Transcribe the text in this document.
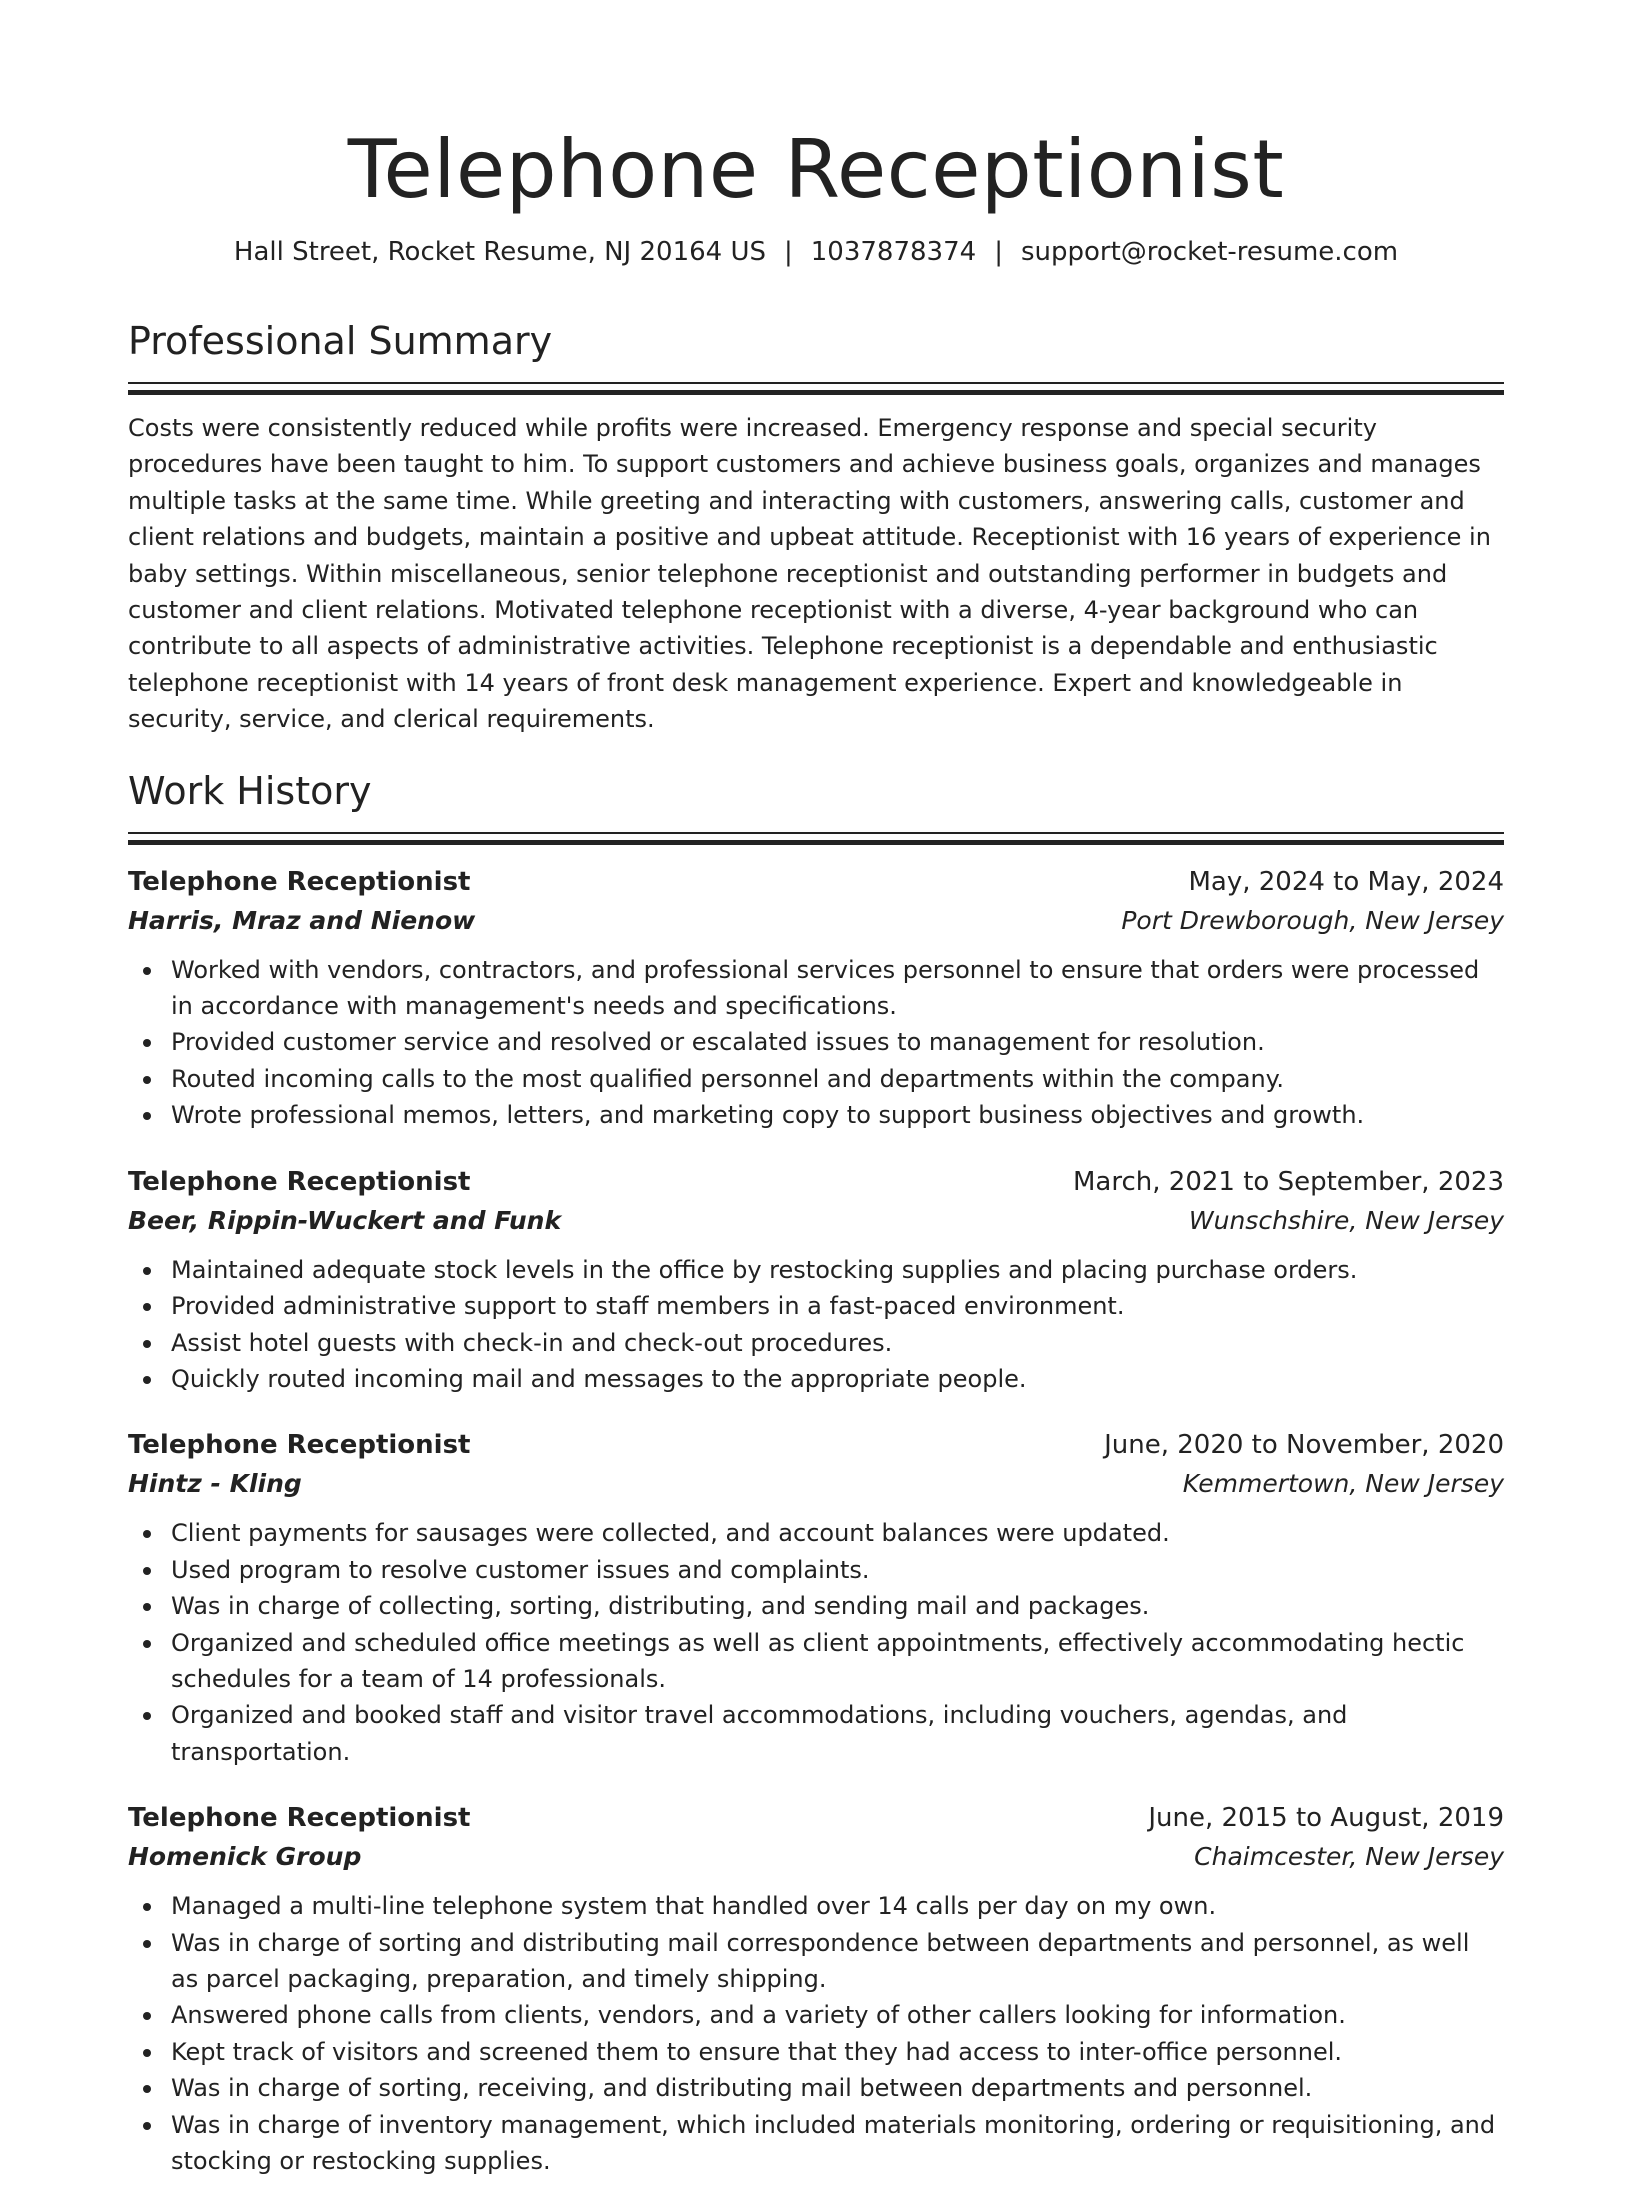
Telephone Receptionist
Hall Street, Rocket Resume, NJ 20164 US | 1037878374 | support@rocket-resume.com
Professional Summary

Costs were consistently reduced while profits were increased. Emergency response and special security procedures have been taught to him. To support customers and achieve business goals, organizes and manages multiple tasks at the same time. While greeting and interacting with customers, answering calls, customer and client relations and budgets, maintain a positive and upbeat attitude. Receptionist with 16 years of experience in baby settings. Within miscellaneous, senior telephone receptionist and outstanding performer in budgets and customer and client relations. Motivated telephone receptionist with a diverse, 4-year background who can contribute to all aspects of administrative activities. Telephone receptionist is a dependable and enthusiastic telephone receptionist with 14 years of front desk management experience. Expert and knowledgeable in security, service, and clerical requirements.

Work History
Telephone Receptionist	May, 2024 to May, 2024
Harris, Mraz and Nienow	Port Drewborough, New Jersey
Worked with vendors, contractors, and professional services personnel to ensure that orders were processed in accordance with management's needs and specifications.
Provided customer service and resolved or escalated issues to management for resolution.
Routed incoming calls to the most qualified personnel and departments within the company.
Wrote professional memos, letters, and marketing copy to support business objectives and growth.
Telephone Receptionist	March, 2021 to September, 2023
Beer, Rippin-Wuckert and Funk	Wunschshire, New Jersey
Maintained adequate stock levels in the office by restocking supplies and placing purchase orders.
Provided administrative support to staff members in a fast-paced environment.
Assist hotel guests with check-in and check-out procedures.
Quickly routed incoming mail and messages to the appropriate people.
Telephone Receptionist	June, 2020 to November, 2020
Hintz - Kling	Kemmertown, New Jersey
Client payments for sausages were collected, and account balances were updated.
Used program to resolve customer issues and complaints.
Was in charge of collecting, sorting, distributing, and sending mail and packages.
Organized and scheduled office meetings as well as client appointments, effectively accommodating hectic schedules for a team of 14 professionals.
Organized and booked staff and visitor travel accommodations, including vouchers, agendas, and transportation.
Telephone Receptionist	June, 2015 to August, 2019
Homenick Group	Chaimcester, New Jersey
Managed a multi-line telephone system that handled over 14 calls per day on my own.
Was in charge of sorting and distributing mail correspondence between departments and personnel, as well as parcel packaging, preparation, and timely shipping.
Answered phone calls from clients, vendors, and a variety of other callers looking for information.
Kept track of visitors and screened them to ensure that they had access to inter-office personnel.
Was in charge of sorting, receiving, and distributing mail between departments and personnel.
Was in charge of inventory management, which included materials monitoring, ordering or requisitioning, and stocking or restocking supplies.
